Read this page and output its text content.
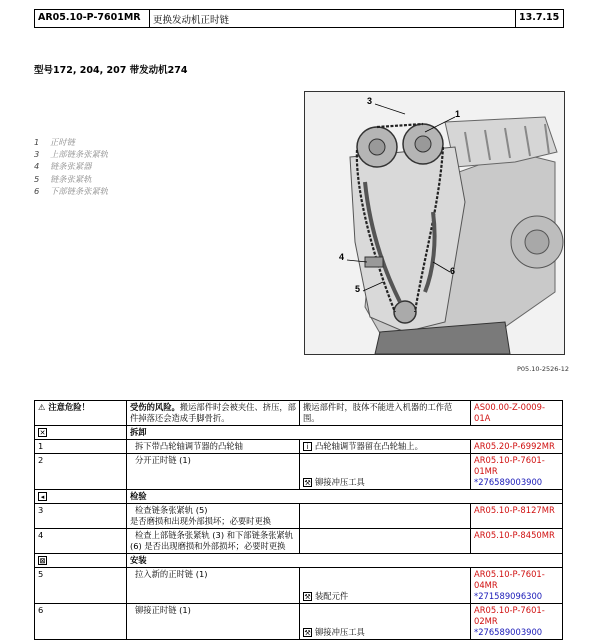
AR05.10-P-7601MR	更换发动机正时链	13.7.15
型号172, 204, 207 带发动机274
1 正时链
3 上部链条张紧轨
4 链条张紧器
5 链条张紧轨
6 下部链条张紧轨
3
1
4
5
6
P05.10-2526-12
⚠ 注意危险！	受伤的风险。搬运部件时会被夹住、挤压，部件掉落还会造成手脚骨折。	搬运部件时，肢体不能进入机器的工作范围。	AS00.00-Z-0009-01A
✕	拆卸		
1	拆下带凸轮轴调节器的凸轮轴	i 凸轮轴调节器留在凸轮轴上。	AR05.20-P-6992MR
2	分开正时链 (1)	⚒ 铆接冲压工具	AR05.10-P-7601-01MR
*276589003900

◂	检验		
3	检查链条张紧轨 (5)
是否磨损和出现外部损坏；必要时更换		AR05.10-P-8127MR
4	检查上部链条张紧轨 (3) 和下部链条张紧轨
(6) 是否出现磨损和外部损坏；必要时更换		AR05.10-P-8450MR
⊠	安装		
5	拉入新的正时链 (1)	⚒ 装配元件	AR05.10-P-7601-04MR
*271589096300

6	铆接正时链 (1)	⚒ 铆接冲压工具	AR05.10-P-7601-02MR
*276589003900
